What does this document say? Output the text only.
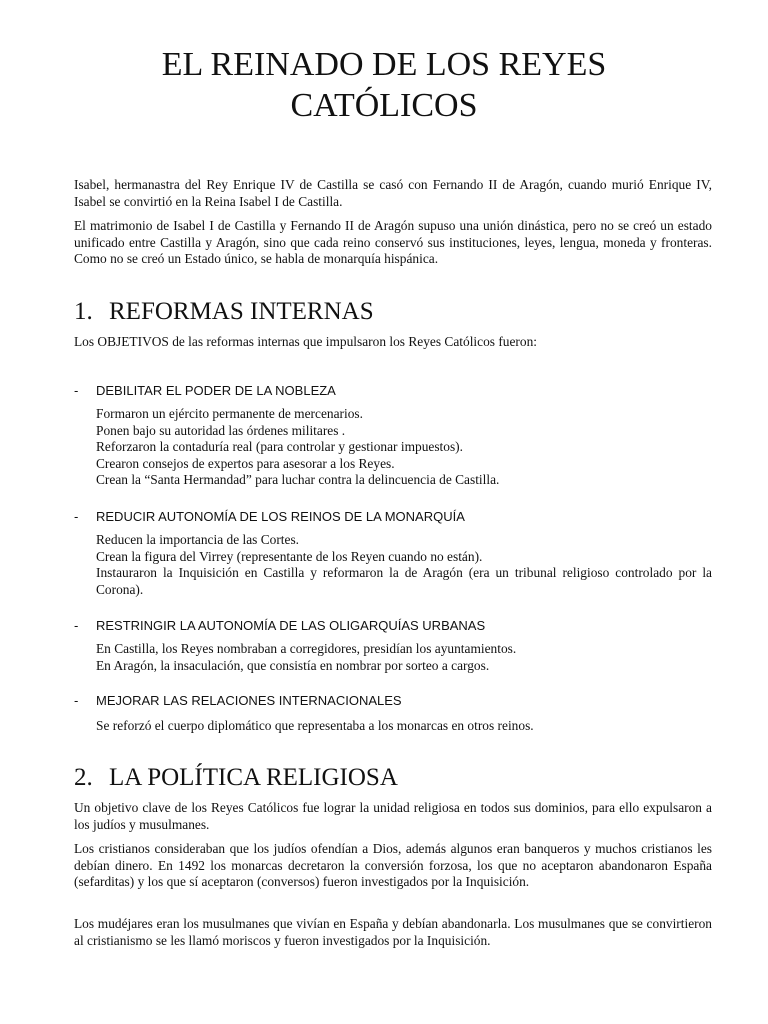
EL REINADO DE LOS REYES CATÓLICOS

Isabel, hermanastra del Rey Enrique IV de Castilla se casó con Fernando II de Aragón, cuando murió Enrique IV, Isabel se convirtió en la Reina Isabel I de Castilla.

El matrimonio de Isabel I de Castilla y Fernando II de Aragón supuso una unión dinástica, pero no se creó un estado unificado entre Castilla y Aragón, sino que cada reino conservó sus instituciones, leyes, lengua, moneda y fronteras. Como no se creó un Estado único, se habla de monarquía hispánica.

1. REFORMAS INTERNAS

Los OBJETIVOS de las reformas internas que impulsaron los Reyes Católicos fueron:

- DEBILITAR EL PODER DE LA NOBLEZA

Formaron un ejército permanente de mercenarios.
Ponen bajo su autoridad las órdenes militares .
Reforzaron la contaduría real (para controlar y gestionar impuestos).
Crearon consejos de expertos para asesorar a los Reyes.
Crean la “Santa Hermandad” para luchar contra la delincuencia de Castilla.

- REDUCIR AUTONOMÍA DE LOS REINOS DE LA MONARQUÍA

Reducen la importancia de las Cortes.
Crean la figura del Virrey (representante de los Reyen cuando no están).
Instauraron la Inquisición en Castilla y reformaron la de Aragón (era un tribunal religioso controlado por la Corona).

- RESTRINGIR LA AUTONOMÍA DE LAS OLIGARQUÍAS URBANAS

En Castilla, los Reyes nombraban a corregidores, presidían los ayuntamientos.
En Aragón, la insaculación, que consistía en nombrar por sorteo a cargos.

- MEJORAR LAS RELACIONES INTERNACIONALES

Se reforzó el cuerpo diplomático que representaba a los monarcas en otros reinos.
2. LA POLÍTICA RELIGIOSA

Un objetivo clave de los Reyes Católicos fue lograr la unidad religiosa en todos sus dominios, para ello expulsaron a los judíos y musulmanes.

Los cristianos consideraban que los judíos ofendían a Dios, además algunos eran banqueros y muchos cristianos les debían dinero. En 1492 los monarcas decretaron la conversión forzosa, los que no aceptaron abandonaron España (sefarditas) y los que sí aceptaron (conversos) fueron investigados por la Inquisición.

Los mudéjares eran los musulmanes que vivían en España y debían abandonarla. Los musulmanes que se convirtieron al cristianismo se les llamó moriscos y fueron investigados por la Inquisición.
